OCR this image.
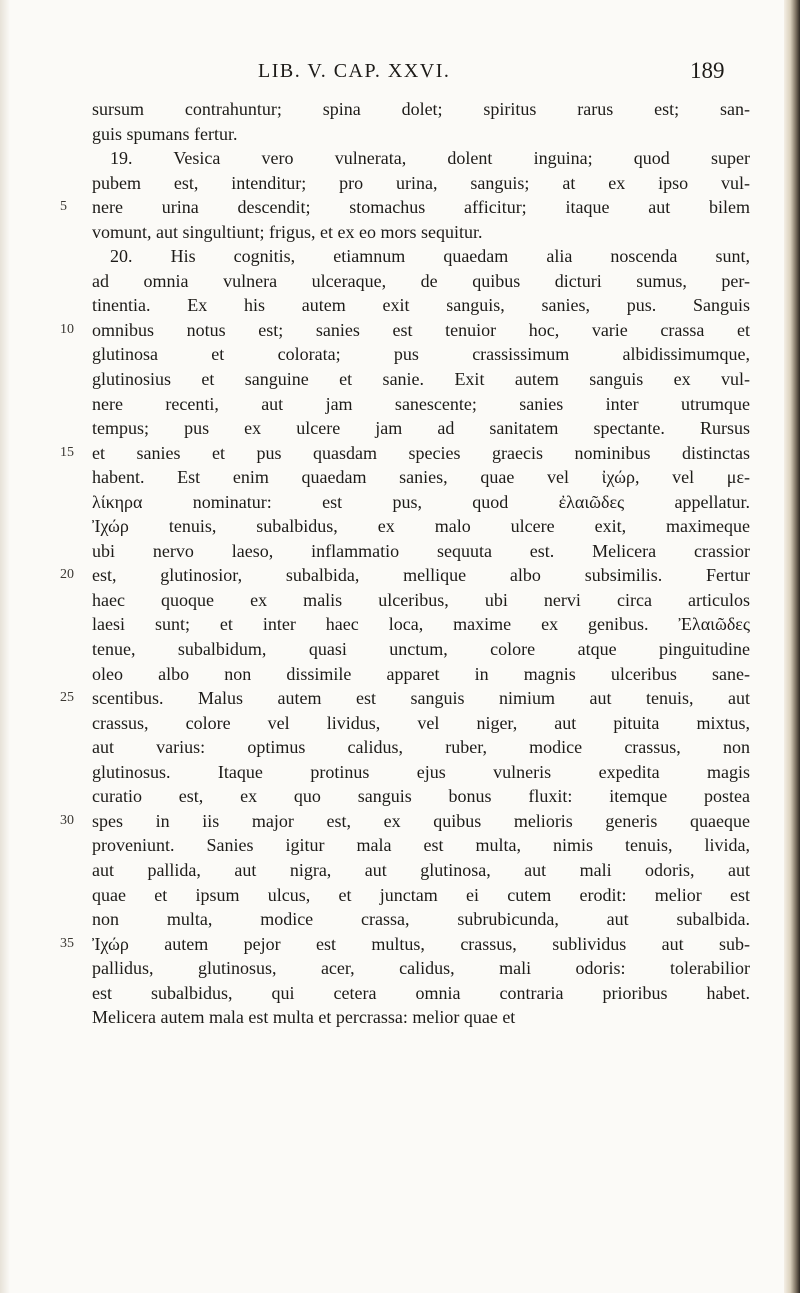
LIB. V. CAP. XXVI.	189
sursum contrahuntur; spina dolet; spiritus rarus est; san-
guis spumans fertur.
19. Vesica vero vulnerata, dolent inguina; quod super
pubem est, intenditur; pro urina, sanguis; at ex ipso vul-
5 nere urina descendit; stomachus afficitur; itaque aut bilem
vomunt, aut singultiunt; frigus, et ex eo mors sequitur.
20. His cognitis, etiamnum quaedam alia noscenda sunt,
ad omnia vulnera ulceraque, de quibus dicturi sumus, per-
tinentia. Ex his autem exit sanguis, sanies, pus. Sanguis
10 omnibus notus est; sanies est tenuior hoc, varie crassa et
glutinosa et colorata; pus crassissimum albidissimumque,
glutinosius et sanguine et sanie. Exit autem sanguis ex vul-
nere recenti, aut jam sanescente; sanies inter utrumque
tempus; pus ex ulcere jam ad sanitatem spectante. Rursus
15 et sanies et pus quasdam species graecis nominibus distinctas
habent. Est enim quaedam sanies, quae vel ἰχώρ, vel με-
λίκηρα nominatur: est pus, quod ἐλαιῶδες appellatur.
Ἰχώρ tenuis, subalbidus, ex malo ulcere exit, maximeque
ubi nervo laeso, inflammatio sequuta est. Melicera crassior
20 est, glutinosior, subalbida, mellique albo subsimilis. Fertur
haec quoque ex malis ulceribus, ubi nervi circa articulos
laesi sunt; et inter haec loca, maxime ex genibus. Ἐλαιῶδες
tenue, subalbidum, quasi unctum, colore atque pinguitudine
oleo albo non dissimile apparet in magnis ulceribus sane-
25 scentibus. Malus autem est sanguis nimium aut tenuis, aut
crassus, colore vel lividus, vel niger, aut pituita mixtus,
aut varius: optimus calidus, ruber, modice crassus, non
glutinosus. Itaque protinus ejus vulneris expedita magis
curatio est, ex quo sanguis bonus fluxit: itemque postea
30 spes in iis major est, ex quibus melioris generis quaeque
proveniunt. Sanies igitur mala est multa, nimis tenuis, livida,
aut pallida, aut nigra, aut glutinosa, aut mali odoris, aut
quae et ipsum ulcus, et junctam ei cutem erodit: melior est
non multa, modice crassa, subrubicunda, aut subalbida.
35 Ἰχώρ autem pejor est multus, crassus, sublividus aut sub-
pallidus, glutinosus, acer, calidus, mali odoris: tolerabilior
est subalbidus, qui cetera omnia contraria prioribus habet.
Melicera autem mala est multa et percrassa: melior quae et
